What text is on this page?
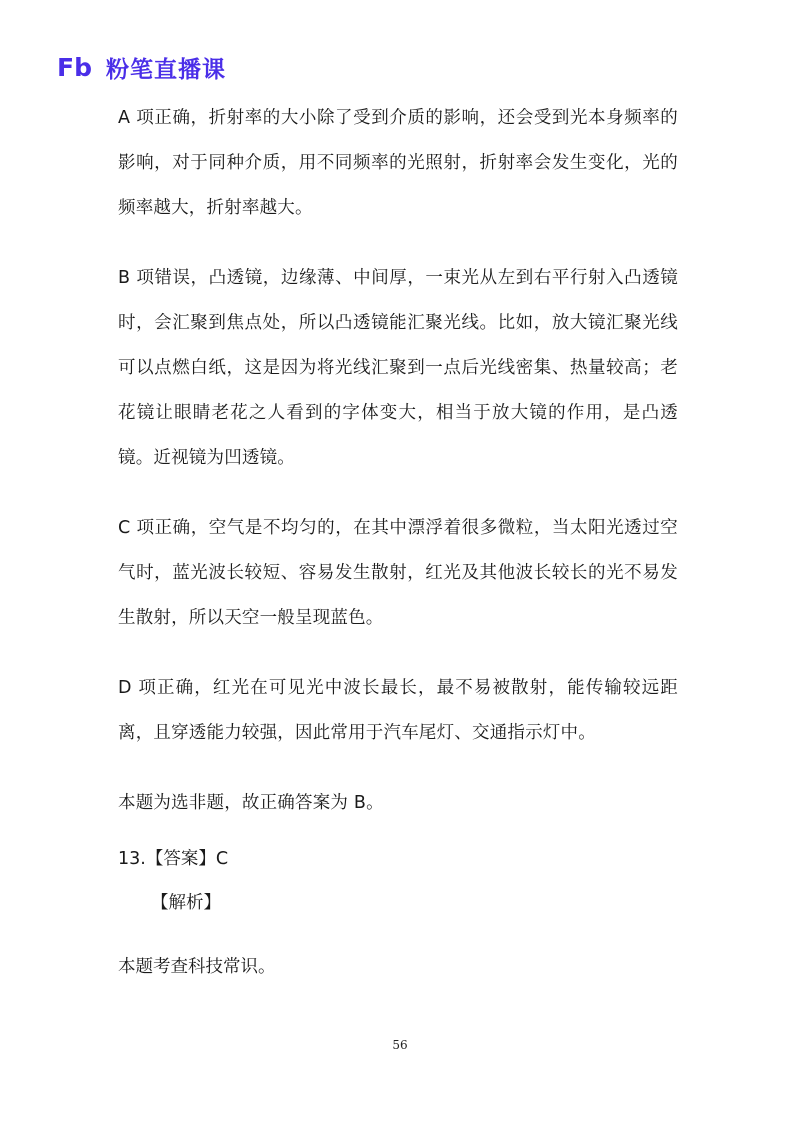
Fb 粉笔直播课

A 项正确，折射率的大小除了受到介质的影响，还会受到光本身频率的影响，对于同种介质，用不同频率的光照射，折射率会发生变化，光的频率越大，折射率越大。

B 项错误，凸透镜，边缘薄、中间厚，一束光从左到右平行射入凸透镜时，会汇聚到焦点处，所以凸透镜能汇聚光线。比如，放大镜汇聚光线可以点燃白纸，这是因为将光线汇聚到一点后光线密集、热量较高；老花镜让眼睛老花之人看到的字体变大，相当于放大镜的作用，是凸透镜。近视镜为凹透镜。

C 项正确，空气是不均匀的，在其中漂浮着很多微粒，当太阳光透过空气时，蓝光波长较短、容易发生散射，红光及其他波长较长的光不易发生散射，所以天空一般呈现蓝色。

D 项正确，红光在可见光中波长最长，最不易被散射，能传输较远距离，且穿透能力较强，因此常用于汽车尾灯、交通指示灯中。

本题为选非题，故正确答案为 B。

13.【答案】C
【解析】
本题考查科技常识。
56
